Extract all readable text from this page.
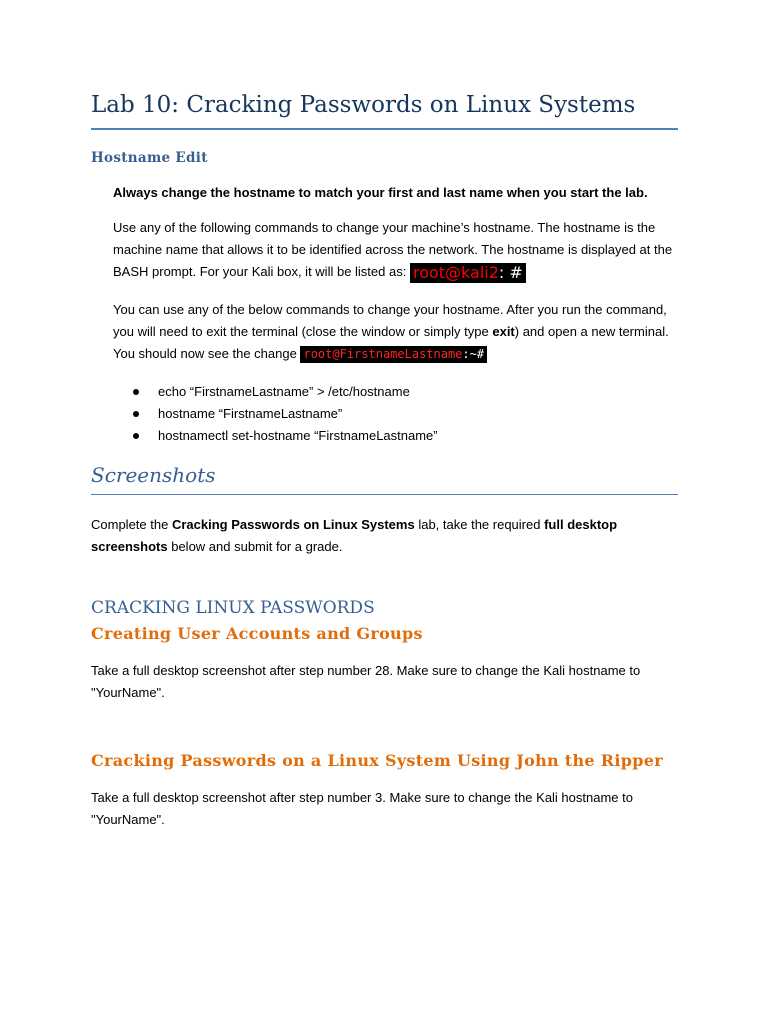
Lab 10: Cracking Passwords on Linux Systems
Hostname Edit

Always change the hostname to match your first and last name when you start the lab.

Use any of the following commands to change your machine’s hostname. The hostname is the machine name that allows it to be identified across the network. The hostname is displayed at the BASH prompt. For your Kali box, it will be listed as: root@kali2: #

You can use any of the below commands to change your hostname. After you run the command, you will need to exit the terminal (close the window or simply type exit) and open a new terminal. You should now see the change root@FirstnameLastname:~#

echo “FirstnameLastname” > /etc/hostname
hostname “FirstnameLastname”
hostnamectl set-hostname “FirstnameLastname”
Screenshots

Complete the Cracking Passwords on Linux Systems lab, take the required full desktop screenshots below and submit for a grade.

CRACKING LINUX PASSWORDS
Creating User Accounts and Groups

Take a full desktop screenshot after step number 28. Make sure to change the Kali hostname to "YourName".

Cracking Passwords on a Linux System Using John the Ripper

Take a full desktop screenshot after step number 3. Make sure to change the Kali hostname to "YourName".
